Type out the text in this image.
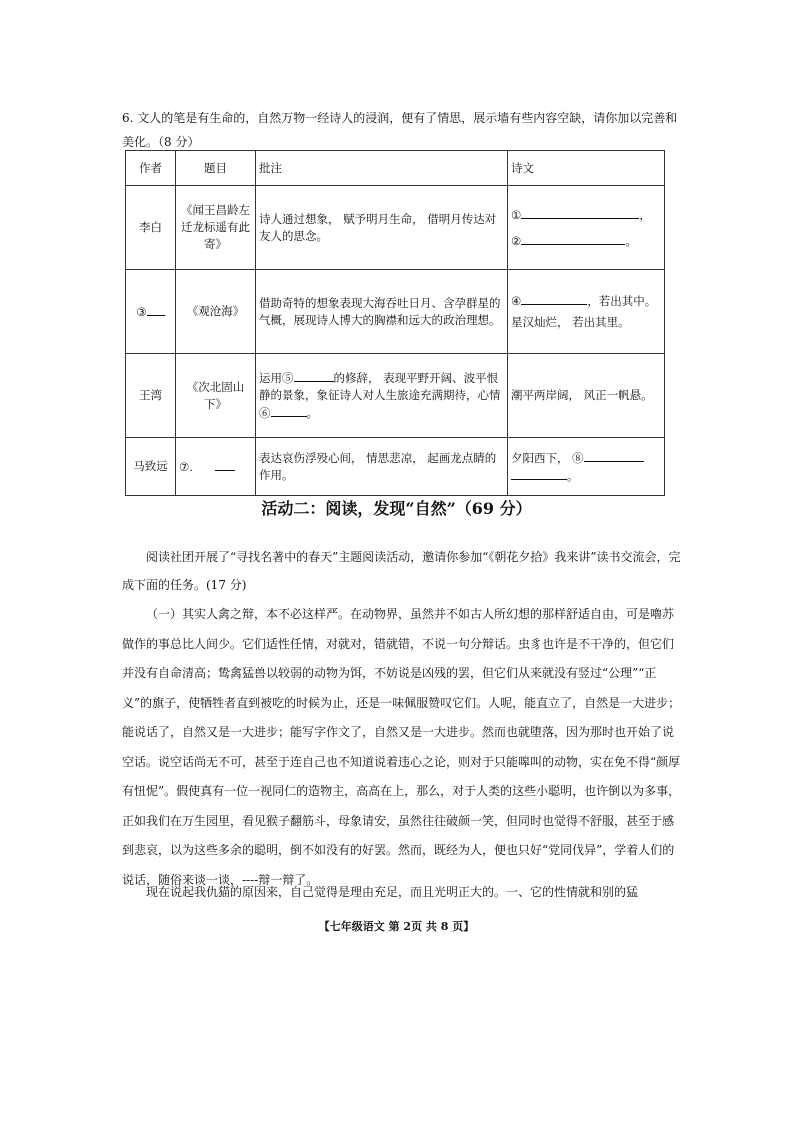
6. 文人的笔是有生命的，自然万物一经诗人的浸润，便有了情思，展示墙有些内容空缺，请你加以完善和美化。（8 分）
作者	题目	批注	诗文
李白	《闻王昌龄左迁龙标遥有此寄》	诗人通过想象， 赋予明月生命， 借明月传达对友人的思念。	① ，
② 。

③	《观沧海》	借助奇特的想象表现大海吞吐日月、含孕群星的气概，展现诗人博大的胸襟和远大的政治理想。	④ ，若出其中。
星汉灿烂， 若出其里。

王湾	《次北固山下》	运用⑤ 的修辞， 表现平野开阔、波平恨静的景象，象征诗人对人生旅途充满期待，心情⑥ 。	潮平两岸阔， 风正一帆悬。
马致远	⑦.	表达哀伤浮殁心间， 情思悲凉， 起画龙点睛的作用。	夕阳西下， ⑧
。
活动二：阅读，发现“自然”（69 分）
阅读社团开展了“寻找名著中的春天”主题阅读活动，邀请你参加“《朝花夕拾》我来讲”读书交流会，完成下面的任务。(17 分)
（一）其实人禽之辩，本不必这样严。在动物界，虽然并不如古人所幻想的那样舒适自由，可是嚕苏做作的事总比人间少。它们适性任情，对就对，错就错，不说一句分辩话。虫豸也许是不干净的，但它们并没有自命清高；鸷禽猛兽以较弱的动物为饵，不妨说是凶残的罢，但它们从来就没有竖过“公理”“正义”的旗子，使牺牲者直到被吃的时候为止，还是一味佩服赞叹它们。人呢，能直立了，自然是一大进步；能说话了，自然又是一大进步；能写字作文了，自然又是一大进步。然而也就堕落，因为那时也开始了说空话。说空话尚无不可，甚至于连自己也不知道说着违心之论，则对于只能嗥叫的动物，实在免不得“颜厚有忸怩”。假使真有一位一视同仁的造物主，高高在上，那么，对于人类的这些小聪明，也许倒以为多事，正如我们在万生园里，看见猴子翻筋斗，母象请安，虽然往往破颜一笑，但同时也觉得不舒服，甚至于感到悲哀，以为这些多余的聪明，倒不如没有的好罢。然而，既经为人，便也只好“党同伐异”，学着人们的说话，随俗来谈一谈，----辩一辩了。
现在说起我仇猫的原因来，自己觉得是理由充足，而且光明正大的。一、它的性情就和别的猛
【七年级语文 第 2页 共 8 页】
